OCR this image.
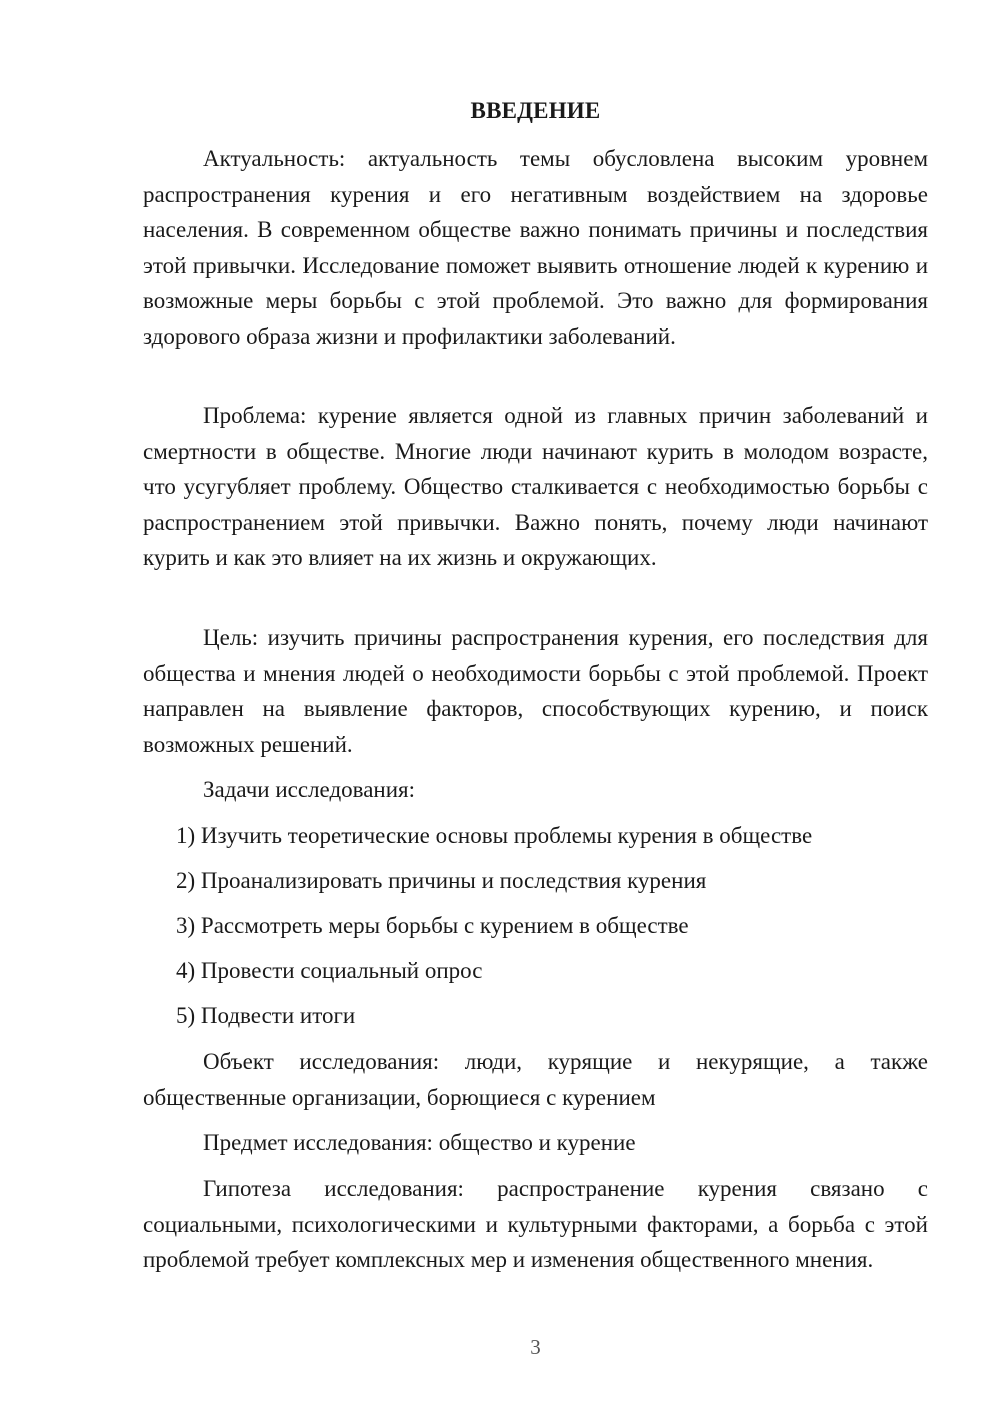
ВВЕДЕНИЕ

Актуальность: актуальность темы обусловлена высоким уровнем распространения курения и его негативным воздействием на здоровье населения. В современном обществе важно понимать причины и последствия этой привычки. Исследование поможет выявить отношение людей к курению и возможные меры борьбы с этой проблемой. Это важно для формирования здорового образа жизни и профилактики заболеваний.

Проблема: курение является одной из главных причин заболеваний и смертности в обществе. Многие люди начинают курить в молодом возрасте, что усугубляет проблему. Общество сталкивается с необходимостью борьбы с распространением этой привычки. Важно понять, почему люди начинают курить и как это влияет на их жизнь и окружающих.

Цель: изучить причины распространения курения, его последствия для общества и мнения людей о необходимости борьбы с этой проблемой. Проект направлен на выявление факторов, способствующих курению, и поиск возможных решений.

Задачи исследования:

1) Изучить теоретические основы проблемы курения в обществе

2) Проанализировать причины и последствия курения

3) Рассмотреть меры борьбы с курением в обществе

4) Провести социальный опрос

5) Подвести итоги

Объект исследования: люди, курящие и некурящие, а также общественные организации, борющиеся с курением

Предмет исследования: общество и курение

Гипотеза исследования: распространение курения связано с социальными, психологическими и культурными факторами, а борьба с этой проблемой требует комплексных мер и изменения общественного мнения.

3
